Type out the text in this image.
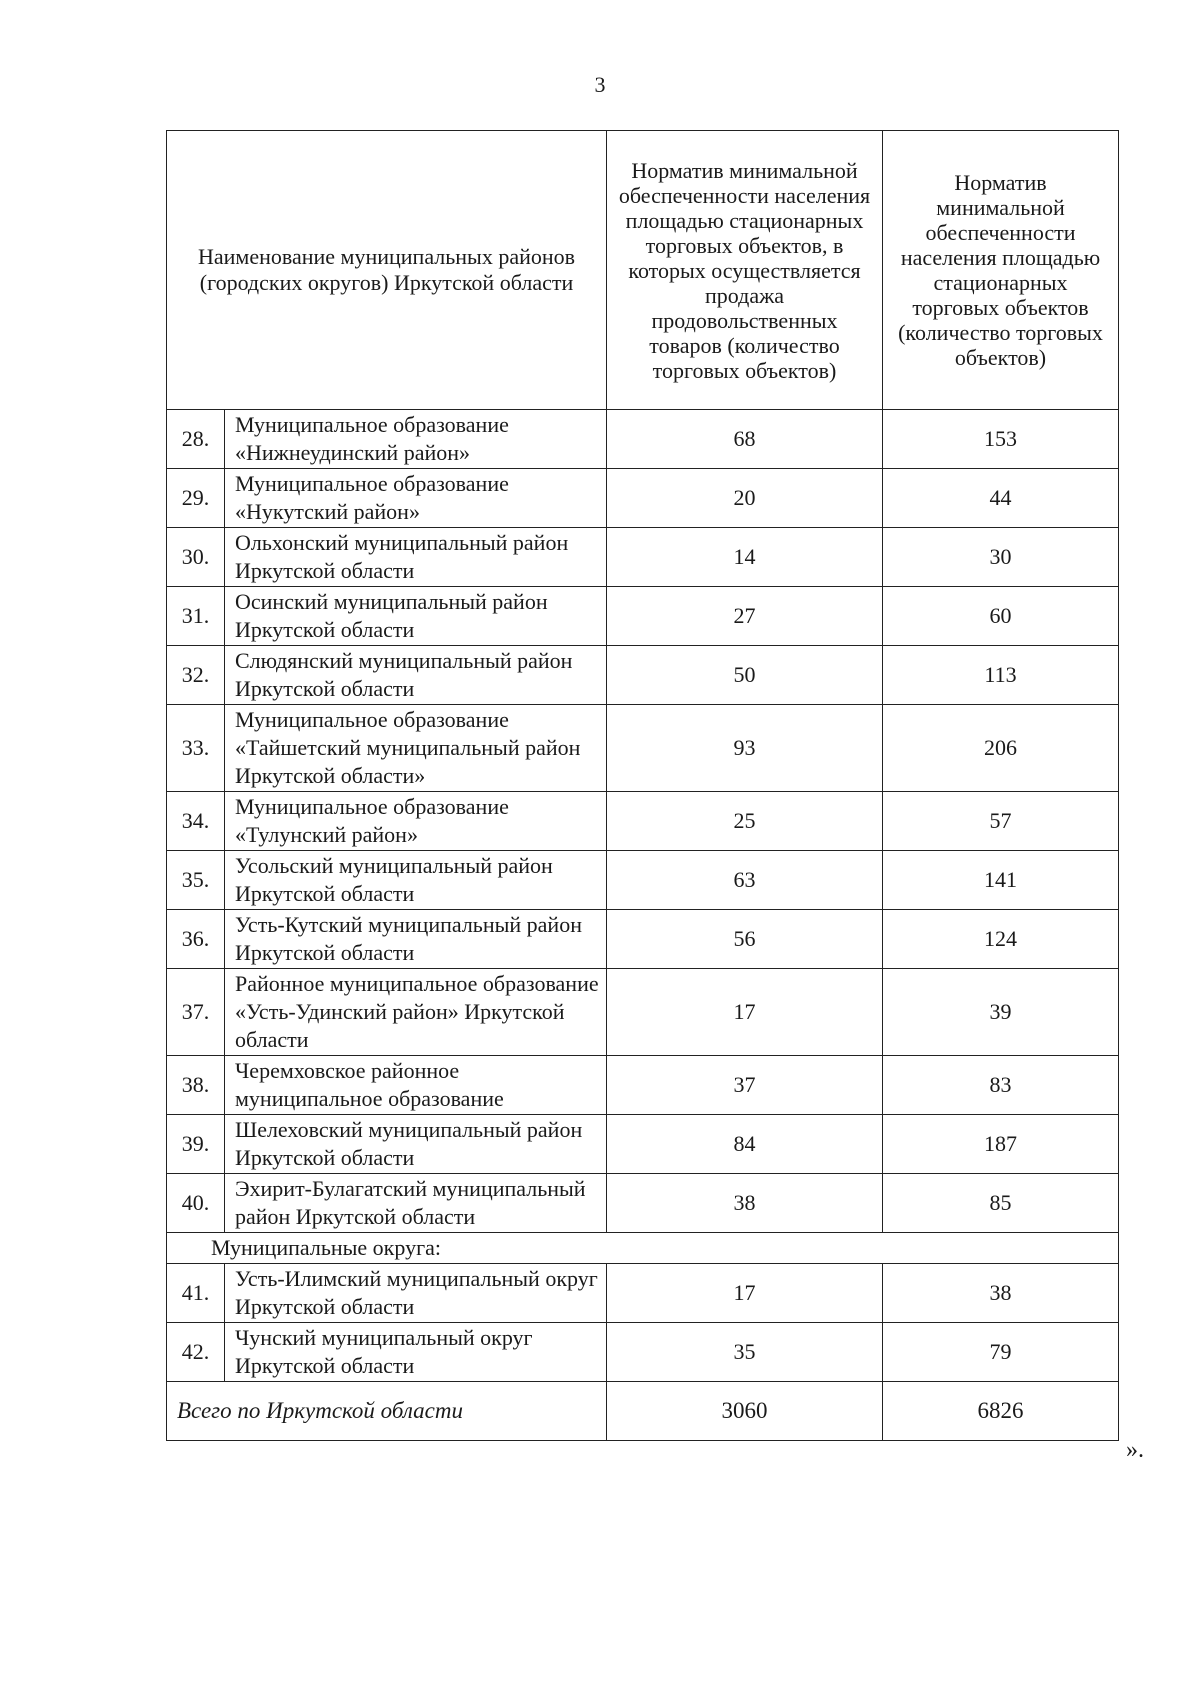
3
Наименование муниципальных районов (городских округов) Иркутской области		Норматив минимальной обеспеченности населения площадью стационарных торговых объектов, в которых осуществляется продажа продовольственных товаров (количество торговых объектов)	Норматив минимальной обеспеченности населения площадью стационарных торговых объектов (количество торговых объектов)
28.	Муниципальное образование «Нижнеудинский район»	68	153
29.	Муниципальное образование «Нукутский район»	20	44
30.	Ольхонский муниципальный район Иркутской области	14	30
31.	Осинский муниципальный район Иркутской области	27	60
32.	Слюдянский муниципальный район Иркутской области	50	113
33.	Муниципальное образование «Тайшетский муниципальный район Иркутской области»	93	206
34.	Муниципальное образование «Тулунский район»	25	57
35.	Усольский муниципальный район Иркутской области	63	141
36.	Усть-Кутский муниципальный район Иркутской области	56	124
37.	Районное муниципальное образование «Усть-Удинский район» Иркутской области	17	39
38.	Черемховское районное муниципальное образование	37	83
39.	Шелеховский муниципальный район Иркутской области	84	187
40.	Эхирит-Булагатский муниципальный район Иркутской области	38	85
Муниципальные округа:			
41.	Усть-Илимский муниципальный округ Иркутской области	17	38
42.	Чунский муниципальный округ Иркутской области	35	79
Всего по Иркутской области		3060	6826
».
